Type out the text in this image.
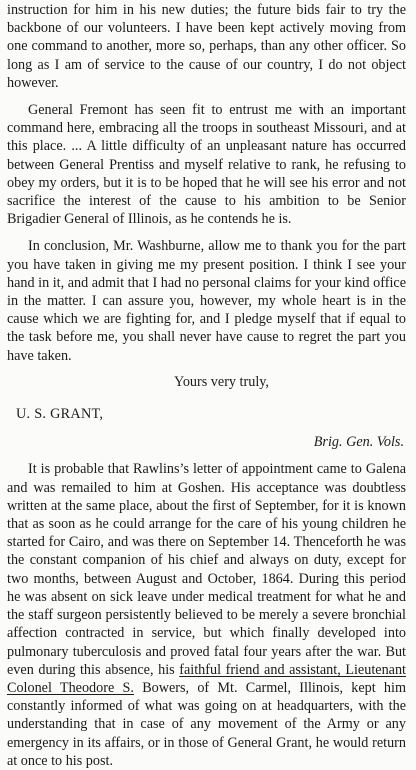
instruction for him in his new duties; the future bids fair to try the backbone of our volunteers. I have been kept actively moving from one command to another, more so, perhaps, than any other officer. So long as I am of service to the cause of our country, I do not object however.

General Fremont has seen fit to entrust me with an important command here, embracing all the troops in southeast Missouri, and at this place. ... A little difficulty of an unpleasant nature has occurred between General Prentiss and myself relative to rank, he refusing to obey my orders, but it is to be hoped that he will see his error and not sacrifice the interest of the cause to his ambition to be Senior Brigadier General of Illinois, as he contends he is.

In conclusion, Mr. Washburne, allow me to thank you for the part you have taken in giving me my present position. I think I see your hand in it, and admit that I had no personal claims for your kind office in the matter. I can assure you, however, my whole heart is in the cause which we are fighting for, and I pledge myself that if equal to the task before me, you shall never have cause to regret the part you have taken.

Yours very truly,

U. S. GRANT,

Brig. Gen. Vols.

It is probable that Rawlins’s letter of appointment came to Galena and was remailed to him at Goshen. His acceptance was doubtless written at the same place, about the first of September, for it is known that as soon as he could arrange for the care of his young children he started for Cairo, and was there on September 14. Thenceforth he was the constant companion of his chief and always on duty, except for two months, between August and October, 1864. During this period he was absent on sick leave under medical treatment for what he and the staff surgeon persistently believed to be merely a severe bronchial affection contracted in service, but which finally developed into pulmonary tuberculosis and proved fatal four years after the war. But even during this absence, his faithful friend and assistant, Lieutenant Colonel Theodore S. Bowers, of Mt. Carmel, Illinois, kept him constantly informed of what was going on at headquarters, with the understanding that in case of any movement of the Army or any emergency in its affairs, or in those of General Grant, he would return at once to his post.
